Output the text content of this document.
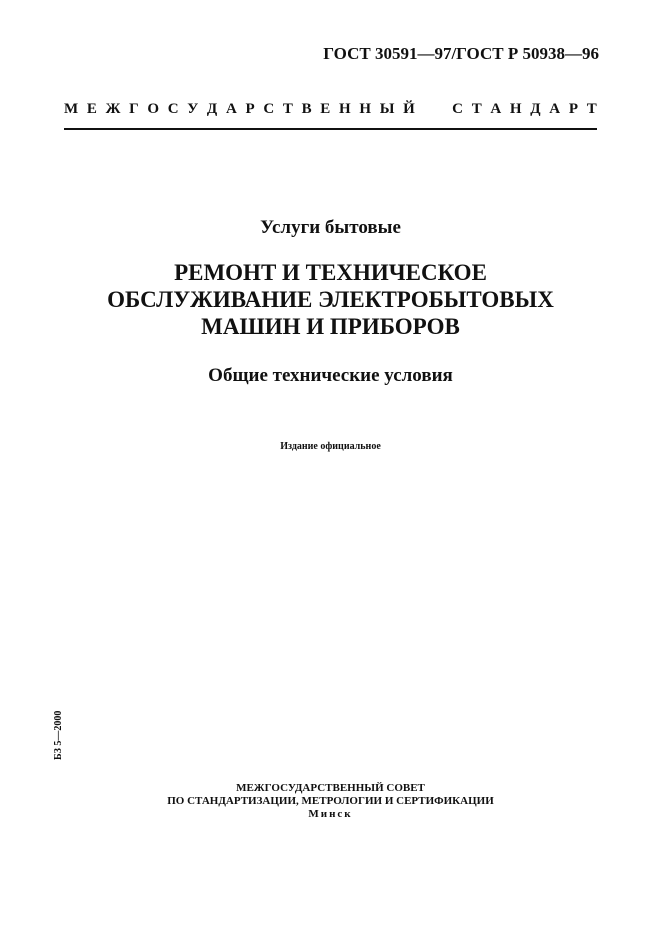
ГОСТ 30591—97/ГОСТ Р 50938—96
М Е Ж Г О С У Д А Р С Т В Е Н Н Ы Й С Т А Н Д А Р Т
Услуги бытовые
РЕМОНТ И ТЕХНИЧЕСКОЕ
ОБСЛУЖИВАНИЕ ЭЛЕКТРОБЫТОВЫХ
МАШИН И ПРИБОРОВ
Общие технические условия
Издание официальное
БЗ 5—2000
МЕЖГОСУДАРСТВЕННЫЙ СОВЕТ
ПО СТАНДАРТИЗАЦИИ, МЕТРОЛОГИИ И СЕРТИФИКАЦИИ
Минск
